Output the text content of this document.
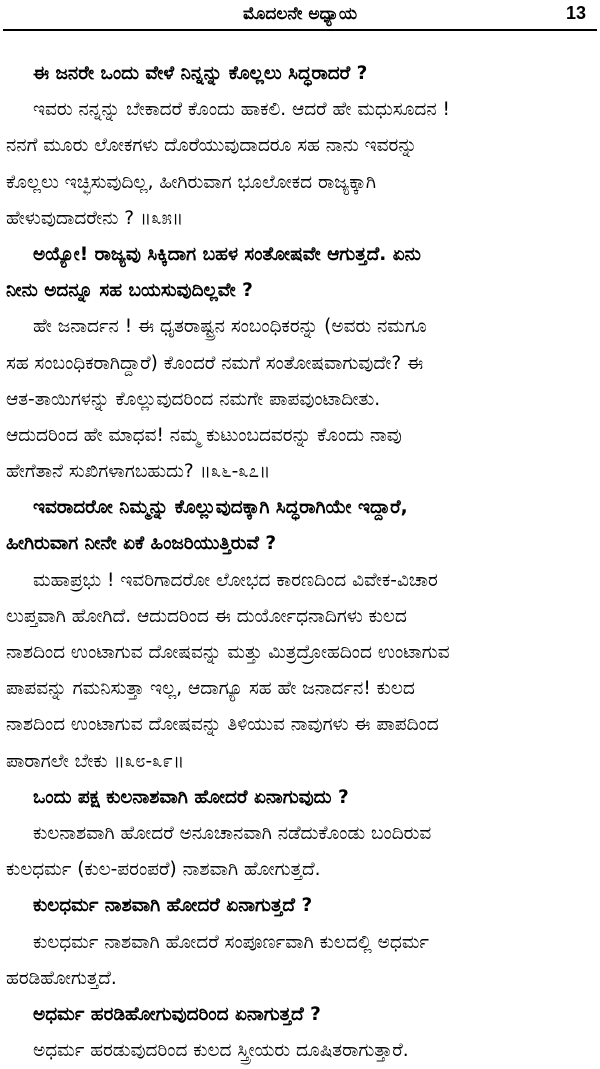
ಮೊದಲನೇ ಅಧ್ಯಾಯ	13
ಈ ಜನರೇ ಒಂದು ವೇಳೆ ನಿನ್ನನ್ನು ಕೊಲ್ಲಲು ಸಿದ್ಧರಾದರೆ ?
ಇವರು ನನ್ನನ್ನು ಬೇಕಾದರೆ ಕೊಂದು ಹಾಕಲಿ. ಆದರೆ ಹೇ ಮಧುಸೂದನ !
ನನಗೆ ಮೂರು ಲೋಕಗಳು ದೊರೆಯುವುದಾದರೂ ಸಹ ನಾನು ಇವರನ್ನು
ಕೊಲ್ಲಲು ಇಚ್ಛಿಸುವುದಿಲ್ಲ, ಹೀಗಿರುವಾಗ ಭೂಲೋಕದ ರಾಜ್ಯಕ್ಕಾಗಿ
ಹೇಳುವುದಾದರೇನು ? ॥೩೫॥
ಅಯ್ಯೋ! ರಾಜ್ಯವು ಸಿಕ್ಕಿದಾಗ ಬಹಳ ಸಂತೋಷವೇ ಆಗುತ್ತದೆ. ಏನು
ನೀನು ಅದನ್ನೂ ಸಹ ಬಯಸುವುದಿಲ್ಲವೇ ?
ಹೇ ಜನಾರ್ದನ ! ಈ ಧೃತರಾಷ್ಟ್ರನ ಸಂಬಂಧಿಕರನ್ನು (ಅವರು ನಮಗೂ
ಸಹ ಸಂಬಂಧಿಕರಾಗಿದ್ದಾರೆ) ಕೊಂದರೆ ನಮಗೆ ಸಂತೋಷವಾಗುವುದೇ? ಈ
ಆತ-ತಾಯಿಗಳನ್ನು ಕೊಲ್ಲುವುದರಿಂದ ನಮಗೇ ಪಾಪವುಂಟಾದೀತು.
ಆದುದರಿಂದ ಹೇ ಮಾಧವ! ನಮ್ಮ ಕುಟುಂಬದವರನ್ನು ಕೊಂದು ನಾವು
ಹೇಗೆತಾನೆ ಸುಖಿಗಳಾಗಬಹುದು? ॥೩೬-೩೭॥
ಇವರಾದರೋ ನಿಮ್ಮನ್ನು ಕೊಲ್ಲುವುದಕ್ಕಾಗಿ ಸಿದ್ಧರಾಗಿಯೇ ಇದ್ದಾರೆ,
ಹೀಗಿರುವಾಗ ನೀನೇ ಏಕೆ ಹಿಂಜರಿಯುತ್ತಿರುವೆ ?
ಮಹಾಪ್ರಭು ! ಇವರಿಗಾದರೋ ಲೋಭದ ಕಾರಣದಿಂದ ವಿವೇಕ-ವಿಚಾರ
ಲುಪ್ತವಾಗಿ ಹೋಗಿದೆ. ಆದುದರಿಂದ ಈ ದುರ್ಯೋಧನಾದಿಗಳು ಕುಲದ
ನಾಶದಿಂದ ಉಂಟಾಗುವ ದೋಷವನ್ನು ಮತ್ತು ಮಿತ್ರದ್ರೋಹದಿಂದ ಉಂಟಾಗುವ
ಪಾಪವನ್ನು ಗಮನಿಸುತ್ತಾ ಇಲ್ಲ, ಆದಾಗ್ಯೂ ಸಹ ಹೇ ಜನಾರ್ದನ! ಕುಲದ
ನಾಶದಿಂದ ಉಂಟಾಗುವ ದೋಷವನ್ನು ತಿಳಿಯುವ ನಾವುಗಳು ಈ ಪಾಪದಿಂದ
ಪಾರಾಗಲೇ ಬೇಕು ॥೩೮-೩೯॥
ಒಂದು ಪಕ್ಷ ಕುಲನಾಶವಾಗಿ ಹೋದರೆ ಏನಾಗುವುದು ?
ಕುಲನಾಶವಾಗಿ ಹೋದರೆ ಅನೂಚಾನವಾಗಿ ನಡೆದುಕೊಂಡು ಬಂದಿರುವ
ಕುಲಧರ್ಮ (ಕುಲ-ಪರಂಪರೆ) ನಾಶವಾಗಿ ಹೋಗುತ್ತದೆ.
ಕುಲಧರ್ಮ ನಾಶವಾಗಿ ಹೋದರೆ ಏನಾಗುತ್ತದೆ ?
ಕುಲಧರ್ಮ ನಾಶವಾಗಿ ಹೋದರೆ ಸಂಪೂರ್ಣವಾಗಿ ಕುಲದಲ್ಲಿ ಅಧರ್ಮ
ಹರಡಿಹೋಗುತ್ತದೆ.
ಅಧರ್ಮ ಹರಡಿಹೋಗುವುದರಿಂದ ಏನಾಗುತ್ತದೆ ?
ಅಧರ್ಮ ಹರಡುವುದರಿಂದ ಕುಲದ ಸ್ತ್ರೀಯರು ದೂಷಿತರಾಗುತ್ತಾರೆ.
